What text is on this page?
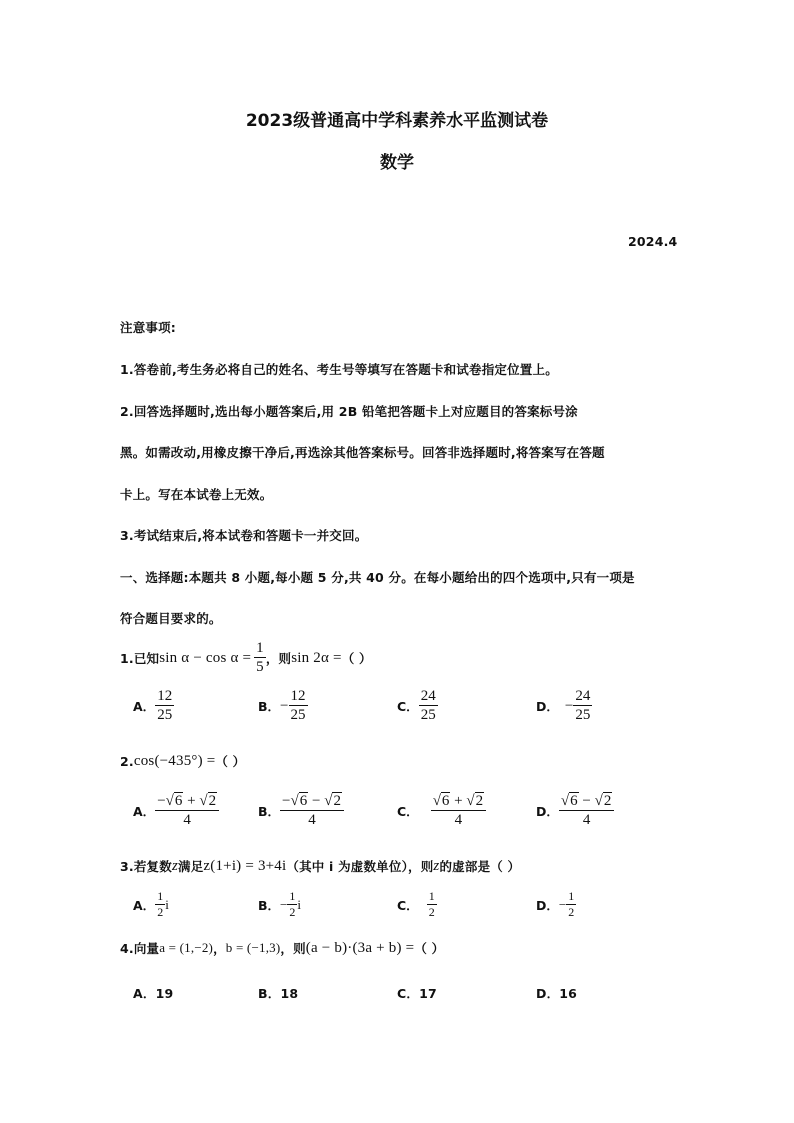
2023级普通高中学科素养水平监测试卷
数学
2024.4
注意事项:
1.答卷前,考生务必将自己的姓名、考生号等填写在答题卡和试卷指定位置上。
2.回答选择题时,选出每小题答案后,用 2B 铅笔把答题卡上对应题目的答案标号涂
黑。如需改动,用橡皮擦干净后,再选涂其他答案标号。回答非选择题时,将答案写在答题
卡上。写在本试卷上无效。
3.考试结束后,将本试卷和答题卡一并交回。
一、选择题:本题共 8 小题,每小题 5 分,共 40 分。在每小题给出的四个选项中,只有一项是
符合题目要求的。
1.已知 $\sin \alpha - \cos \alpha = \frac{1}{5}$ ，则 sin 2α = （ ）
A． $\frac{12}{25}$	B． − $\frac{12}{25}$	C． $\frac{24}{25}$	D． − $\frac{24}{25}$
2. cos(−435°) = （ ）
A． $\frac{-√6 + √2}{4}$	B． $\frac{-√6 - √2}{4}$	C． $\frac{√6 + √2}{4}$	D． $\frac{√6 - √2}{4}$
3.若复数 z 满足 z(1+i) = 3+4i （其中 i 为虚数单位），则 z 的虚部是（ ）
A． $\frac{1}{2}$ i	B． − $\frac{1}{2}$ i	C． $\frac{1}{2}$	D． − $\frac{1}{2}$
4.向量 a = (1,−2) ， b = (−1,3) ，则 (a − b)·(3a + b) = （ ）
A．19	B．18	C．17	D．16
